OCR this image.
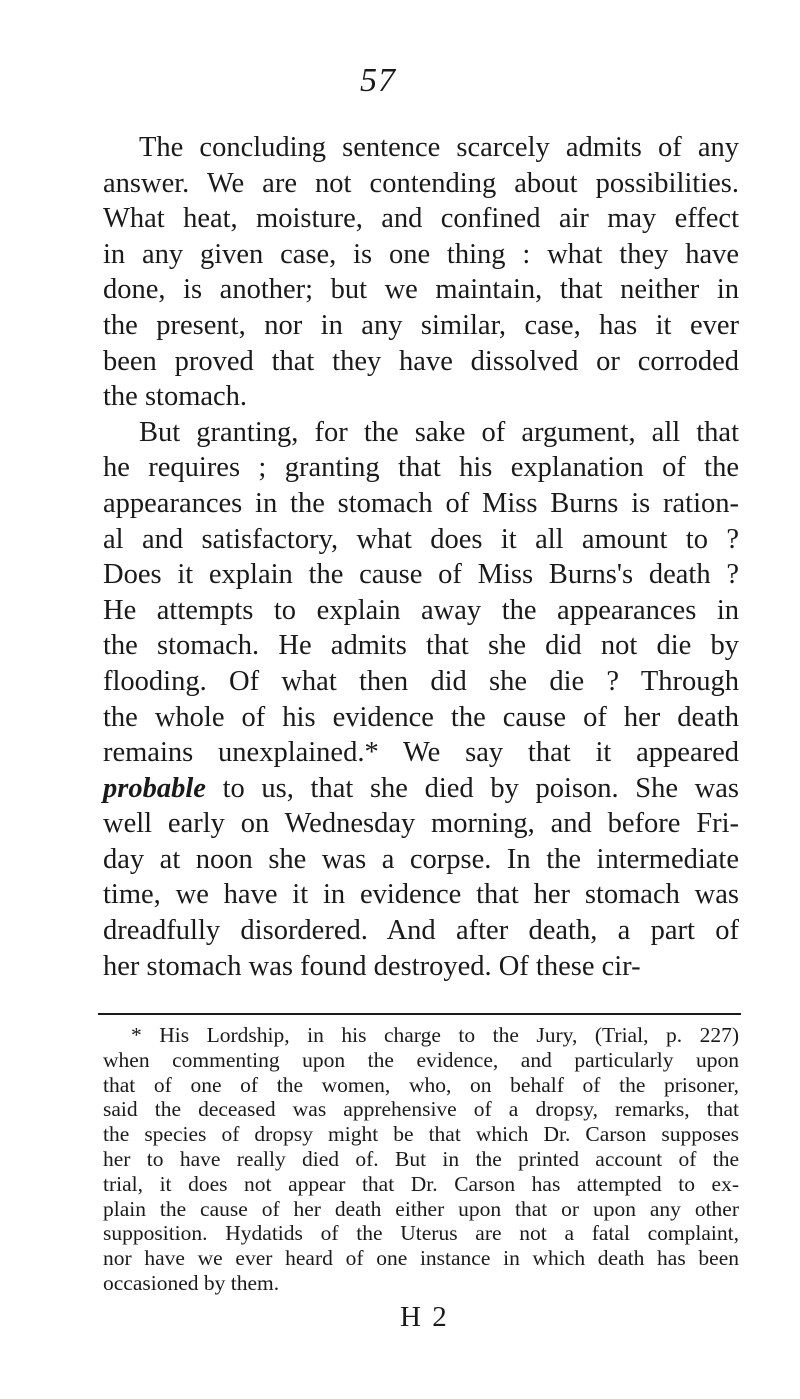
57
The concluding sentence scarcely admits of any
answer. We are not contending about possibilities.
What heat, moisture, and confined air may effect
in any given case, is one thing : what they have
done, is another; but we maintain, that neither in
the present, nor in any similar, case, has it ever
been proved that they have dissolved or corroded
the stomach.
But granting, for the sake of argument, all that
he requires ; granting that his explanation of the
appearances in the stomach of Miss Burns is ration-
al and satisfactory, what does it all amount to ?
Does it explain the cause of Miss Burns's death ?
He attempts to explain away the appearances in
the stomach. He admits that she did not die by
flooding. Of what then did she die ? Through
the whole of his evidence the cause of her death
remains unexplained.* We say that it appeared
probable to us, that she died by poison. She was
well early on Wednesday morning, and before Fri-
day at noon she was a corpse. In the intermediate
time, we have it in evidence that her stomach was
dreadfully disordered. And after death, a part of
her stomach was found destroyed. Of these cir-
* His Lordship, in his charge to the Jury, (Trial, p. 227)
when commenting upon the evidence, and particularly upon
that of one of the women, who, on behalf of the prisoner,
said the deceased was apprehensive of a dropsy, remarks, that
the species of dropsy might be that which Dr. Carson supposes
her to have really died of. But in the printed account of the
trial, it does not appear that Dr. Carson has attempted to ex-
plain the cause of her death either upon that or upon any other
supposition. Hydatids of the Uterus are not a fatal complaint,
nor have we ever heard of one instance in which death has been
occasioned by them.
H 2
